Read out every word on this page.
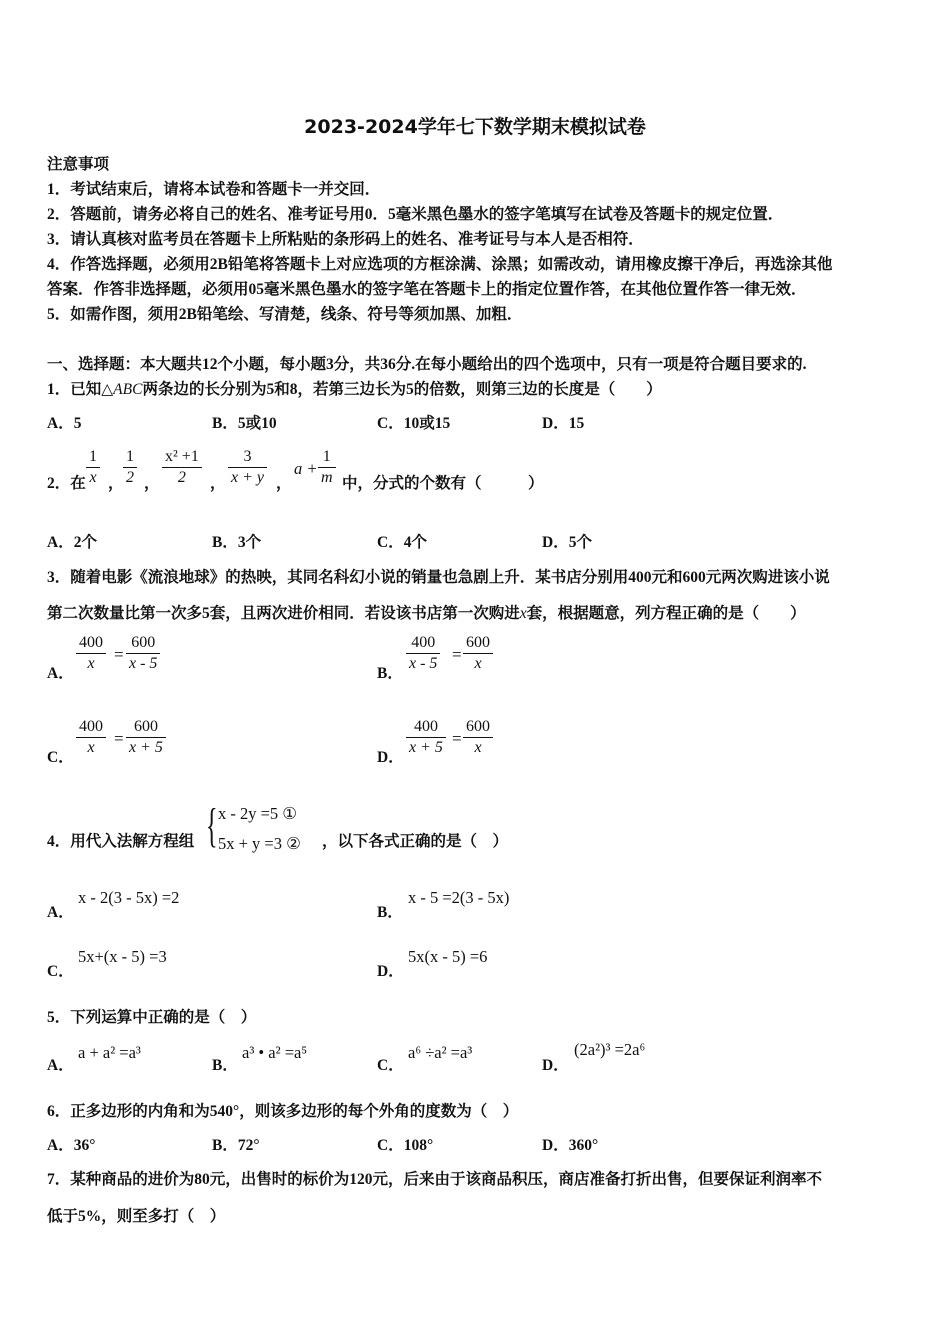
2023-2024学年七下数学期末模拟试卷
注意事项
1．考试结束后，请将本试卷和答题卡一并交回．
2．答题前，请务必将自己的姓名、准考证号用0．5毫米黑色墨水的签字笔填写在试卷及答题卡的规定位置．
3．请认真核对监考员在答题卡上所粘贴的条形码上的姓名、准考证号与本人是否相符．
4．作答选择题，必须用2B铅笔将答题卡上对应选项的方框涂满、涂黑；如需改动，请用橡皮擦干净后，再选涂其他
答案．作答非选择题，必须用05毫米黑色墨水的签字笔在答题卡上的指定位置作答，在其他位置作答一律无效．
5．如需作图，须用2B铅笔绘、写清楚，线条、符号等须加黑、加粗．
一、选择题：本大题共12个小题，每小题3分，共36分.在每小题给出的四个选项中，只有一项是符合题目要求的.
1．已知△ABC两条边的长分别为5和8，若第三边长为5的倍数，则第三边的长度是（　　）
A．5	B．5或10	C．10或15	D．15
2．在
1
x ，
1
2 ，
x² +1
2	，
3
x + y ，
a +
1
m 中，分式的个数有（　　　）
A．2个	B．3个	C．4个	D．5个
3．随着电影《流浪地球》的热映，其同名科幻小说的销量也急剧上升．某书店分别用400元和600元两次购进该小说
第二次数量比第一次多5套，且两次进价相同．若设该书店第一次购进x套，根据题意，列方程正确的是（　　）
A．
400
x	=
600
x - 5
B．
400
x - 5 =
600
x
C．
400
x	=
600
x + 5
D．
400
x + 5 =
600
x
4．用代入法解方程组 { x - 2y =5 ①
5x + y =3 ② ，以下各式正确的是（　）
A．
x - 2(3 - 5x) =2
B．
x - 5 =2(3 - 5x)
C．
5x+(x - 5) =3
D．
5x(x - 5) =6
5．下列运算中正确的是（　）
A．
a + a² =a³
B．
a³ • a² =a⁵
C．
a⁶ ÷a² =a³
D．
(2a²)³ =2a⁶
6．正多边形的内角和为540°，则该多边形的每个外角的度数为（　）
A．36°	B．72°	C．108°	D．360°
7．某种商品的进价为80元，出售时的标价为120元，后来由于该商品积压，商店准备打折出售，但要保证利润率不
低于5%，则至多打（　）
